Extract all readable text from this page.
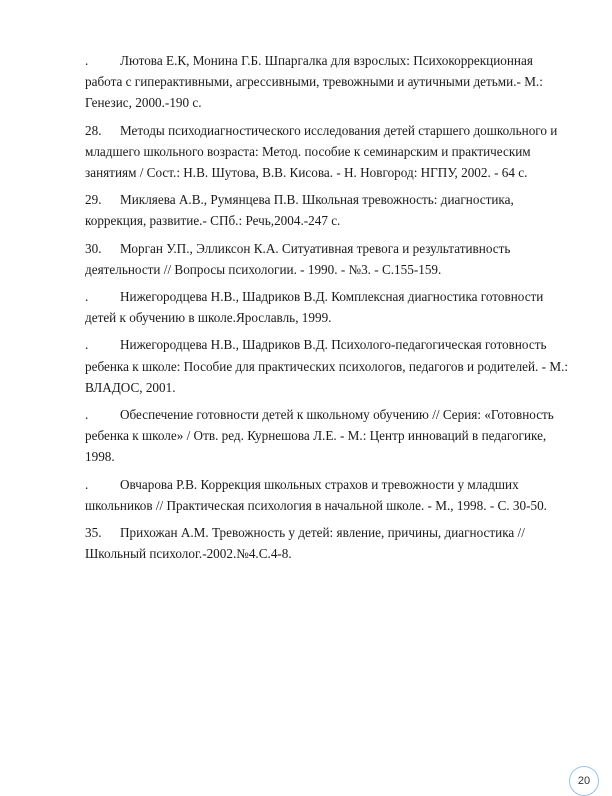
. Лютова Е.К, Монина Г.Б. Шпаргалка для взрослых: Психокоррекционная работа с гиперактивными, агрессивными, тревожными и аутичными детьми.- М.: Генезис, 2000.-190 с.
28. Методы психодиагностического исследования детей старшего дошкольного и младшего школьного возраста: Метод. пособие к семинарским и практическим занятиям / Сост.: Н.В. Шутова, В.В. Кисова. - Н. Новгород: НГПУ, 2002. - 64 с.
29. Микляева А.В., Румянцева П.В. Школьная тревожность: диагностика, коррекция, развитие.- СПб.: Речь,2004.-247 с.
30. Морган У.П., Элликсон К.А. Ситуативная тревога и результативность деятельности // Вопросы психологии. - 1990. - №3. - С.155-159.
. Нижегородцева Н.В., Шадриков В.Д. Комплексная диагностика готовности детей к обучению в школе.Ярославль, 1999.
. Нижегородцева Н.В., Шадриков В.Д. Психолого-педагогическая готовность ребенка к школе: Пособие для практических психологов, педагогов и родителей. - М.: ВЛАДОС, 2001.
. Обеспечение готовности детей к школьному обучению // Серия: «Готовность ребенка к школе» / Отв. ред. Курнешова Л.Е. - М.: Центр инноваций в педагогике, 1998.
. Овчарова Р.В. Коррекция школьных страхов и тревожности у младших школьников // Практическая психология в начальной школе. - М., 1998. - С. 30-50.
35. Прихожан А.М. Тревожность у детей: явление, причины, диагностика // Школьный психолог.-2002.№4.С.4-8.
20
